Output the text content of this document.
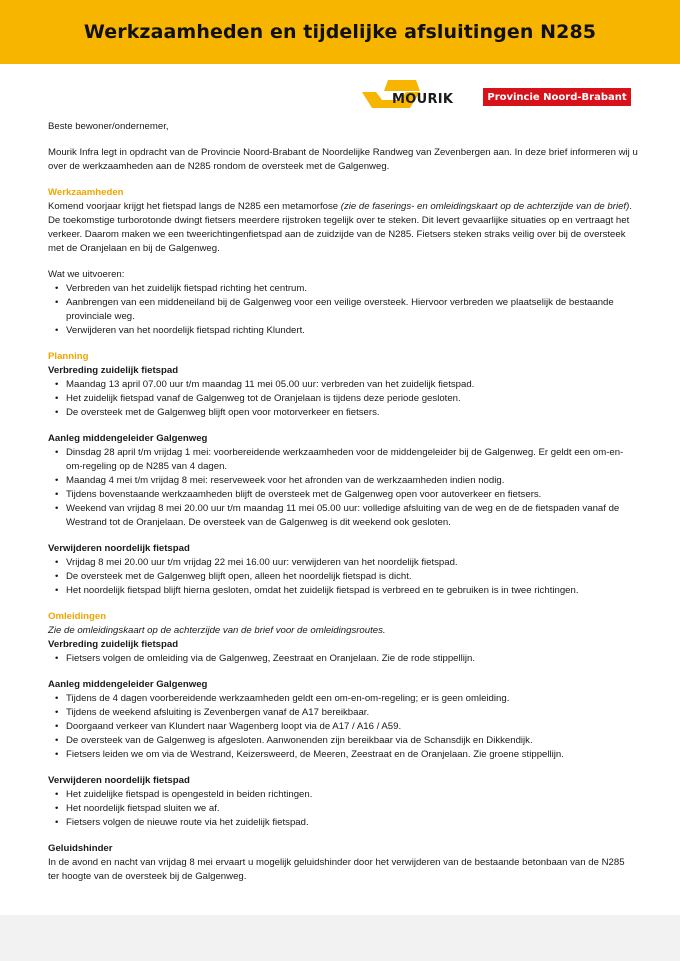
Werkzaamheden en tijdelijke afsluitingen N285
MOURIK	Provincie Noord-Brabant

Beste bewoner/ondernemer,

Mourik Infra legt in opdracht van de Provincie Noord-Brabant de Noordelijke Randweg van Zevenbergen aan. In deze brief informeren wij u over de werkzaamheden aan de N285 rondom de oversteek met de Galgenweg.

Werkzaamheden

Komend voorjaar krijgt het fietspad langs de N285 een metamorfose (zie de faserings- en omleidingskaart op de achterzijde van de brief). De toekomstige turborotonde dwingt fietsers meerdere rijstroken tegelijk over te steken. Dit levert gevaarlijke situaties op en vertraagt het verkeer. Daarom maken we een tweerichtingenfietspad aan de zuidzijde van de N285. Fietsers steken straks veilig over bij de oversteek met de Oranjelaan en bij de Galgenweg.

Wat we uitvoeren:

• Verbreden van het zuidelijk fietspad richting het centrum.
• Aanbrengen van een middeneiland bij de Galgenweg voor een veilige oversteek. Hiervoor verbreden we plaatselijk de bestaande provinciale weg.
• Verwijderen van het noordelijk fietspad richting Klundert.

Planning

Verbreding zuidelijk fietspad

• Maandag 13 april 07.00 uur t/m maandag 11 mei 05.00 uur: verbreden van het zuidelijk fietspad.
• Het zuidelijk fietspad vanaf de Galgenweg tot de Oranjelaan is tijdens deze periode gesloten.
• De oversteek met de Galgenweg blijft open voor motorverkeer en fietsers.

Aanleg middengeleider Galgenweg

• Dinsdag 28 april t/m vrijdag 1 mei: voorbereidende werkzaamheden voor de middengeleider bij de Galgenweg. Er geldt een om-en-om-regeling op de N285 van 4 dagen.
• Maandag 4 mei t/m vrijdag 8 mei: reserveweek voor het afronden van de werkzaamheden indien nodig.
• Tijdens bovenstaande werkzaamheden blijft de oversteek met de Galgenweg open voor autoverkeer en fietsers.
• Weekend van vrijdag 8 mei 20.00 uur t/m maandag 11 mei 05.00 uur: volledige afsluiting van de weg en de de fietspaden vanaf de Westrand tot de Oranjelaan. De oversteek van de Galgenweg is dit weekend ook gesloten.

Verwijderen noordelijk fietspad

• Vrijdag 8 mei 20.00 uur t/m vrijdag 22 mei 16.00 uur: verwijderen van het noordelijk fietspad.
• De oversteek met de Galgenweg blijft open, alleen het noordelijk fietspad is dicht.
• Het noordelijk fietspad blijft hierna gesloten, omdat het zuidelijk fietspad is verbreed en te gebruiken is in twee richtingen.

Omleidingen

Zie de omleidingskaart op de achterzijde van de brief voor de omleidingsroutes.

Verbreding zuidelijk fietspad

• Fietsers volgen de omleiding via de Galgenweg, Zeestraat en Oranjelaan. Zie de rode stippellijn.

Aanleg middengeleider Galgenweg

• Tijdens de 4 dagen voorbereidende werkzaamheden geldt een om-en-om-regeling; er is geen omleiding.
• Tijdens de weekend afsluiting is Zevenbergen vanaf de A17 bereikbaar.
• Doorgaand verkeer van Klundert naar Wagenberg loopt via de A17 / A16 / A59.
• De oversteek van de Galgenweg is afgesloten. Aanwonenden zijn bereikbaar via de Schansdijk en Dikkendijk.
• Fietsers leiden we om via de Westrand, Keizersweerd, de Meeren, Zeestraat en de Oranjelaan. Zie groene stippellijn.

Verwijderen noordelijk fietspad

• Het zuidelijke fietspad is opengesteld in beiden richtingen.
• Het noordelijk fietspad sluiten we af.
• Fietsers volgen de nieuwe route via het zuidelijk fietspad.

Geluidshinder

In de avond en nacht van vrijdag 8 mei ervaart u mogelijk geluidshinder door het verwijderen van de bestaande betonbaan van de N285 ter hoogte van de oversteek bij de Galgenweg.
